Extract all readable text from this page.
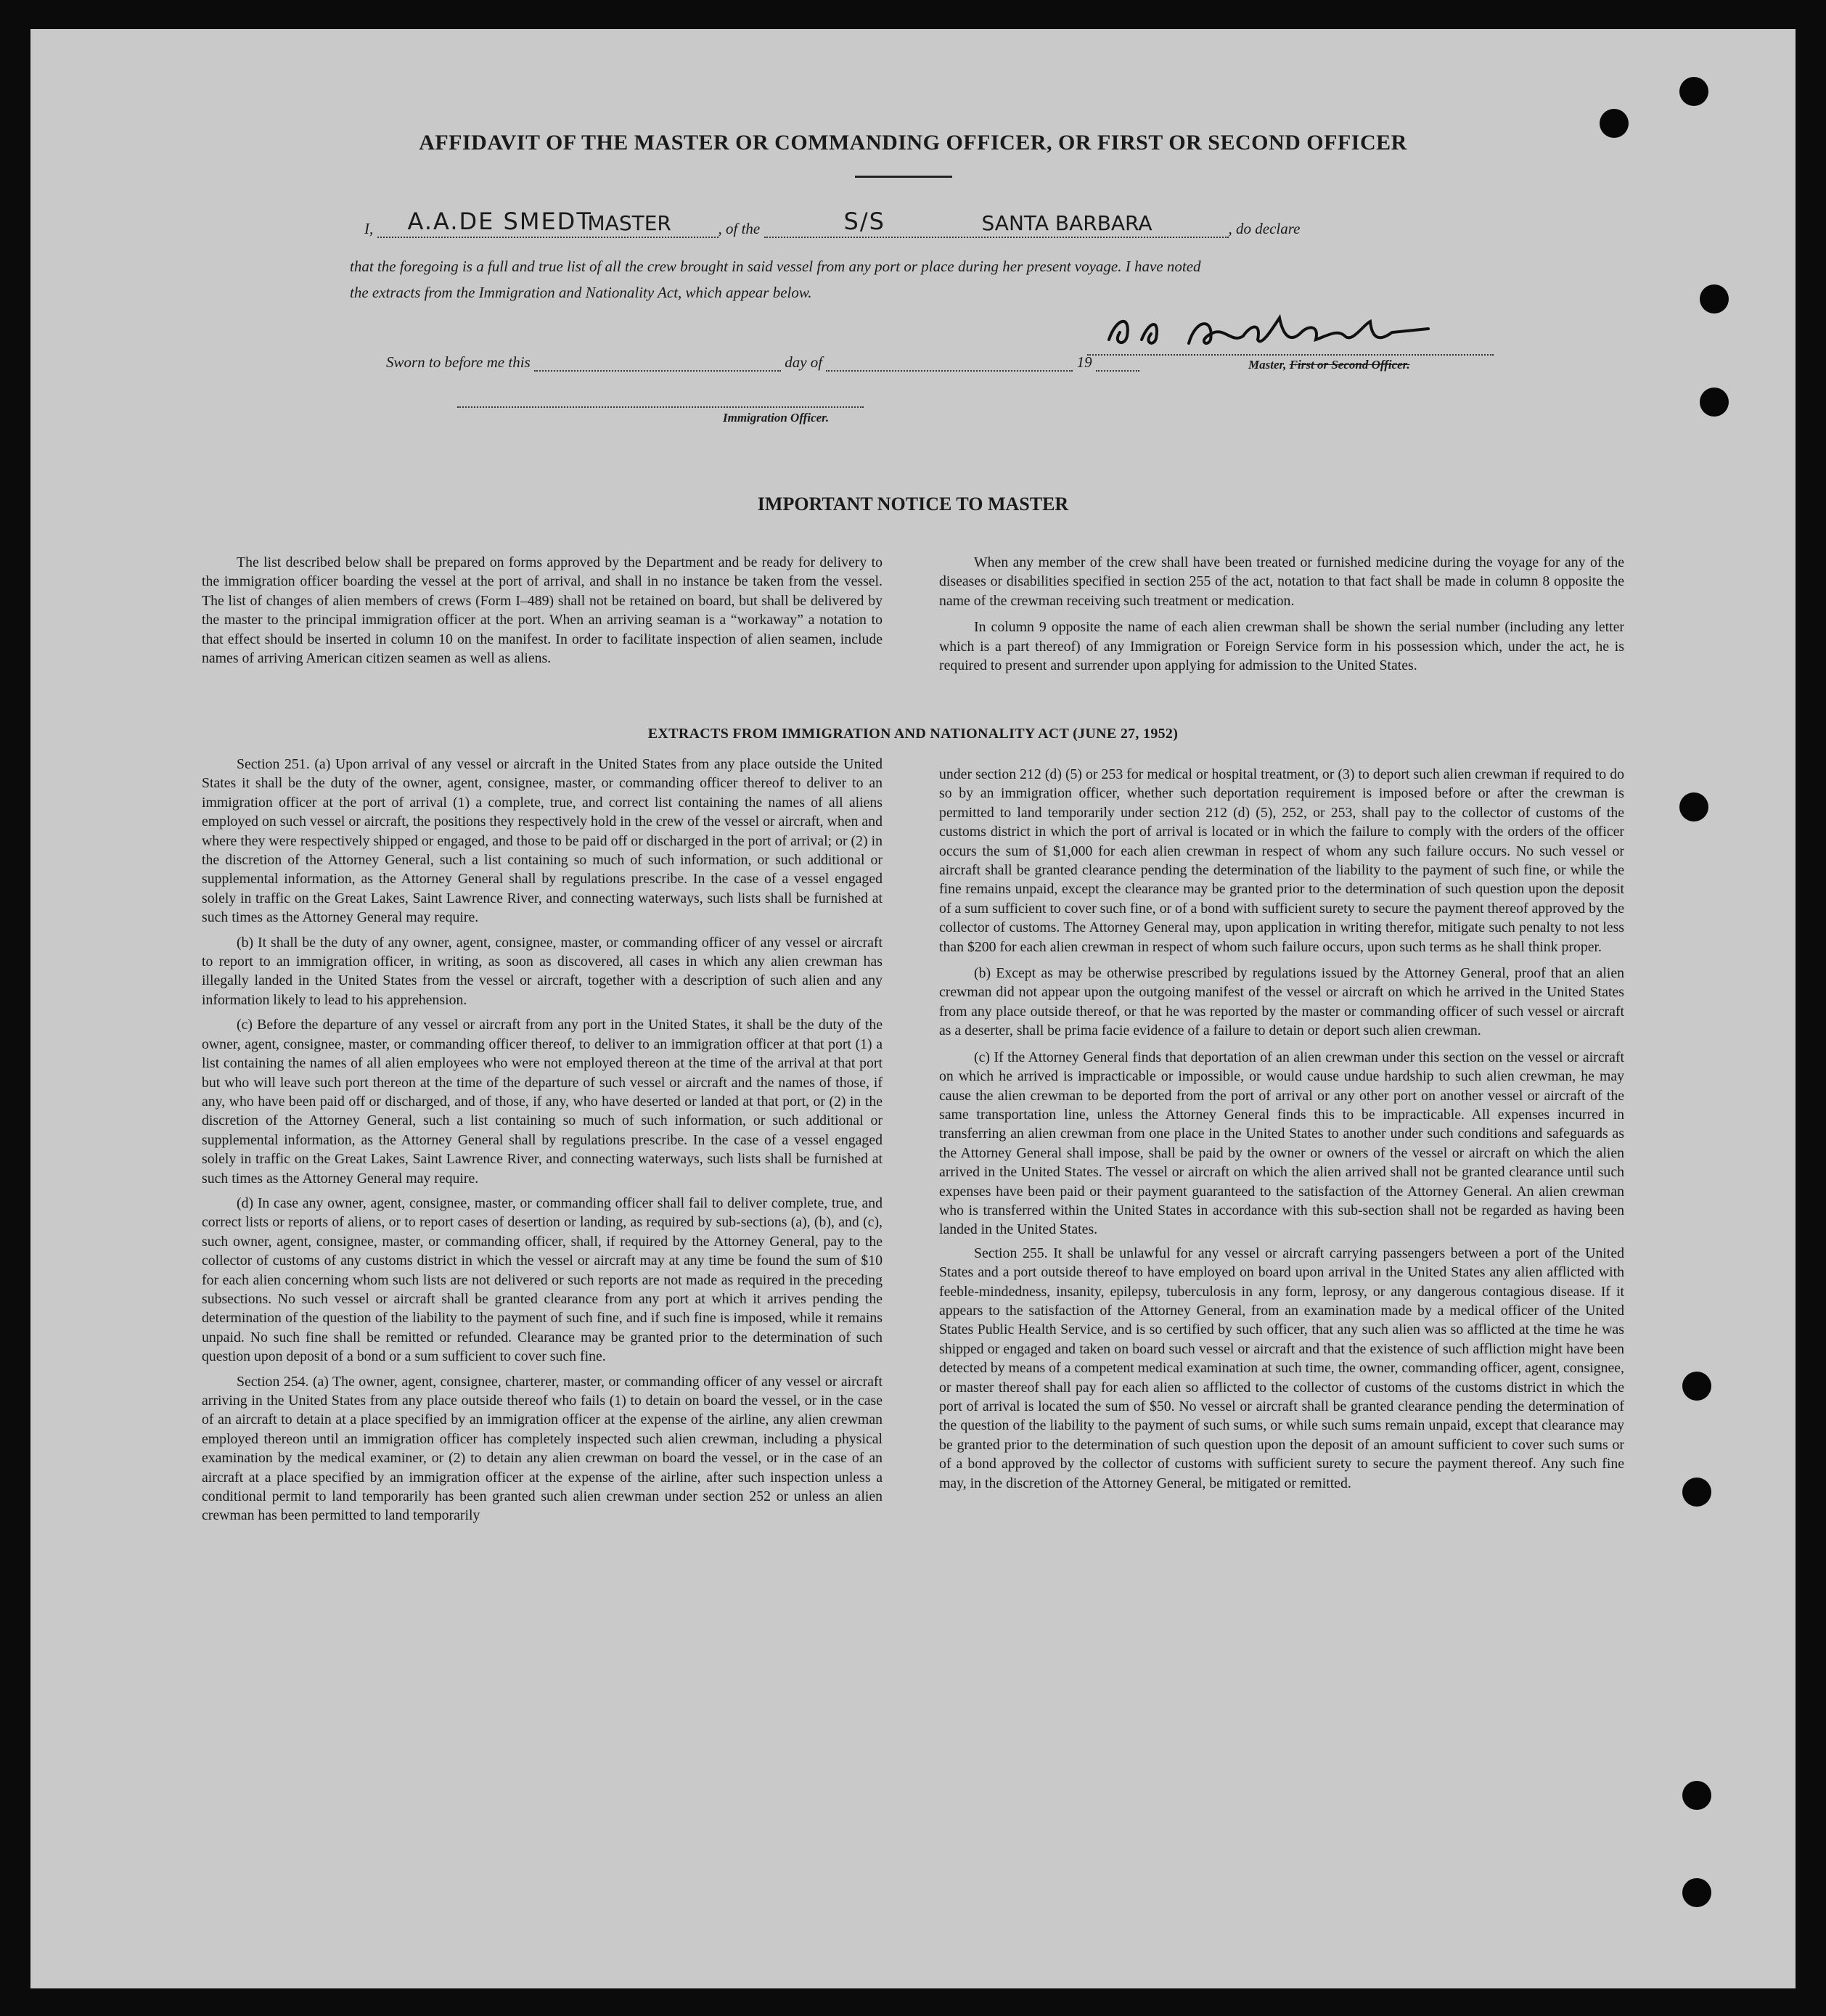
AFFIDAVIT OF THE MASTER OR COMMANDING OFFICER, OR FIRST OR SECOND OFFICER
I, A.A.DE SMEDT
MASTER	, of the	S/S	SANTA BARBARA	, do declare
that the foregoing is a full and true list of all the crew brought in said vessel from any port or place during her present voyage. I have noted
the extracts from the Immigration and Nationality Act, which appear below.
Master, First or Second Officer.
Sworn to before me this	day of	19
Immigration Officer.
IMPORTANT NOTICE TO MASTER

The list described below shall be prepared on forms approved by the Department and be ready for delivery to the immigration officer boarding the vessel at the port of arrival, and shall in no instance be taken from the vessel. The list of changes of alien members of crews (Form I–489) shall not be retained on board, but shall be delivered by the master to the principal immigration officer at the port. When an arriving seaman is a “workaway” a notation to that effect should be inserted in column 10 on the manifest. In order to facilitate inspection of alien seamen, include names of arriving American citizen seamen as well as aliens.

When any member of the crew shall have been treated or furnished medicine during the voyage for any of the diseases or disabilities specified in section 255 of the act, notation to that fact shall be made in column 8 opposite the name of the crewman receiving such treatment or medication.

In column 9 opposite the name of each alien crewman shall be shown the serial number (including any letter which is a part thereof) of any Immigration or Foreign Service form in his possession which, under the act, he is required to present and surrender upon applying for admission to the United States.

EXTRACTS FROM IMMIGRATION AND NATIONALITY ACT (JUNE 27, 1952)

Section 251. (a) Upon arrival of any vessel or aircraft in the United States from any place outside the United States it shall be the duty of the owner, agent, consignee, master, or commanding officer thereof to deliver to an immigration officer at the port of arrival (1) a complete, true, and correct list containing the names of all aliens employed on such vessel or aircraft, the positions they respectively hold in the crew of the vessel or aircraft, when and where they were respectively shipped or engaged, and those to be paid off or discharged in the port of arrival; or (2) in the discretion of the Attorney General, such a list containing so much of such information, or such additional or supplemental information, as the Attorney General shall by regulations prescribe. In the case of a vessel engaged solely in traffic on the Great Lakes, Saint Lawrence River, and connecting waterways, such lists shall be furnished at such times as the Attorney General may require.

(b) It shall be the duty of any owner, agent, consignee, master, or commanding officer of any vessel or aircraft to report to an immigration officer, in writing, as soon as discovered, all cases in which any alien crewman has illegally landed in the United States from the vessel or aircraft, together with a description of such alien and any information likely to lead to his apprehension.

(c) Before the departure of any vessel or aircraft from any port in the United States, it shall be the duty of the owner, agent, consignee, master, or commanding officer thereof, to deliver to an immigration officer at that port (1) a list containing the names of all alien employees who were not employed thereon at the time of the arrival at that port but who will leave such port thereon at the time of the departure of such vessel or aircraft and the names of those, if any, who have been paid off or discharged, and of those, if any, who have deserted or landed at that port, or (2) in the discretion of the Attorney General, such a list containing so much of such information, or such additional or supplemental information, as the Attorney General shall by regulations prescribe. In the case of a vessel engaged solely in traffic on the Great Lakes, Saint Lawrence River, and connecting waterways, such lists shall be furnished at such times as the Attorney General may require.

(d) In case any owner, agent, consignee, master, or commanding officer shall fail to deliver complete, true, and correct lists or reports of aliens, or to report cases of desertion or landing, as required by sub-sections (a), (b), and (c), such owner, agent, consignee, master, or commanding officer, shall, if required by the Attorney General, pay to the collector of customs of any customs district in which the vessel or aircraft may at any time be found the sum of $10 for each alien concerning whom such lists are not delivered or such reports are not made as required in the preceding subsections. No such vessel or aircraft shall be granted clearance from any port at which it arrives pending the determination of the question of the liability to the payment of such fine, and if such fine is imposed, while it remains unpaid. No such fine shall be remitted or refunded. Clearance may be granted prior to the determination of such question upon deposit of a bond or a sum sufficient to cover such fine.

Section 254. (a) The owner, agent, consignee, charterer, master, or commanding officer of any vessel or aircraft arriving in the United States from any place outside thereof who fails (1) to detain on board the vessel, or in the case of an aircraft to detain at a place specified by an immigration officer at the expense of the airline, any alien crewman employed thereon until an immigration officer has completely inspected such alien crewman, including a physical examination by the medical examiner, or (2) to detain any alien crewman on board the vessel, or in the case of an aircraft at a place specified by an immigration officer at the expense of the airline, after such inspection unless a conditional permit to land temporarily has been granted such alien crewman under section 252 or unless an alien crewman has been permitted to land temporarily

under section 212 (d) (5) or 253 for medical or hospital treatment, or (3) to deport such alien crewman if required to do so by an immigration officer, whether such deportation requirement is imposed before or after the crewman is permitted to land temporarily under section 212 (d) (5), 252, or 253, shall pay to the collector of customs of the customs district in which the port of arrival is located or in which the failure to comply with the orders of the officer occurs the sum of $1,000 for each alien crewman in respect of whom any such failure occurs. No such vessel or aircraft shall be granted clearance pending the determination of the liability to the payment of such fine, or while the fine remains unpaid, except the clearance may be granted prior to the determination of such question upon the deposit of a sum sufficient to cover such fine, or of a bond with sufficient surety to secure the payment thereof approved by the collector of customs. The Attorney General may, upon application in writing therefor, mitigate such penalty to not less than $200 for each alien crewman in respect of whom such failure occurs, upon such terms as he shall think proper.

(b) Except as may be otherwise prescribed by regulations issued by the Attorney General, proof that an alien crewman did not appear upon the outgoing manifest of the vessel or aircraft on which he arrived in the United States from any place outside thereof, or that he was reported by the master or commanding officer of such vessel or aircraft as a deserter, shall be prima facie evidence of a failure to detain or deport such alien crewman.

(c) If the Attorney General finds that deportation of an alien crewman under this section on the vessel or aircraft on which he arrived is impracticable or impossible, or would cause undue hardship to such alien crewman, he may cause the alien crewman to be deported from the port of arrival or any other port on another vessel or aircraft of the same transportation line, unless the Attorney General finds this to be impracticable. All expenses incurred in transferring an alien crewman from one place in the United States to another under such conditions and safeguards as the Attorney General shall impose, shall be paid by the owner or owners of the vessel or aircraft on which the alien arrived in the United States. The vessel or aircraft on which the alien arrived shall not be granted clearance until such expenses have been paid or their payment guaranteed to the satisfaction of the Attorney General. An alien crewman who is transferred within the United States in accordance with this sub-section shall not be regarded as having been landed in the United States.

Section 255. It shall be unlawful for any vessel or aircraft carrying passengers between a port of the United States and a port outside thereof to have employed on board upon arrival in the United States any alien afflicted with feeble-mindedness, insanity, epilepsy, tuberculosis in any form, leprosy, or any dangerous contagious disease. If it appears to the satisfaction of the Attorney General, from an examination made by a medical officer of the United States Public Health Service, and is so certified by such officer, that any such alien was so afflicted at the time he was shipped or engaged and taken on board such vessel or aircraft and that the existence of such affliction might have been detected by means of a competent medical examination at such time, the owner, commanding officer, agent, consignee, or master thereof shall pay for each alien so afflicted to the collector of customs of the customs district in which the port of arrival is located the sum of $50. No vessel or aircraft shall be granted clearance pending the determination of the question of the liability to the payment of such sums, or while such sums remain unpaid, except that clearance may be granted prior to the determination of such question upon the deposit of an amount sufficient to cover such sums or of a bond approved by the collector of customs with sufficient surety to secure the payment thereof. Any such fine may, in the discretion of the Attorney General, be mitigated or remitted.
